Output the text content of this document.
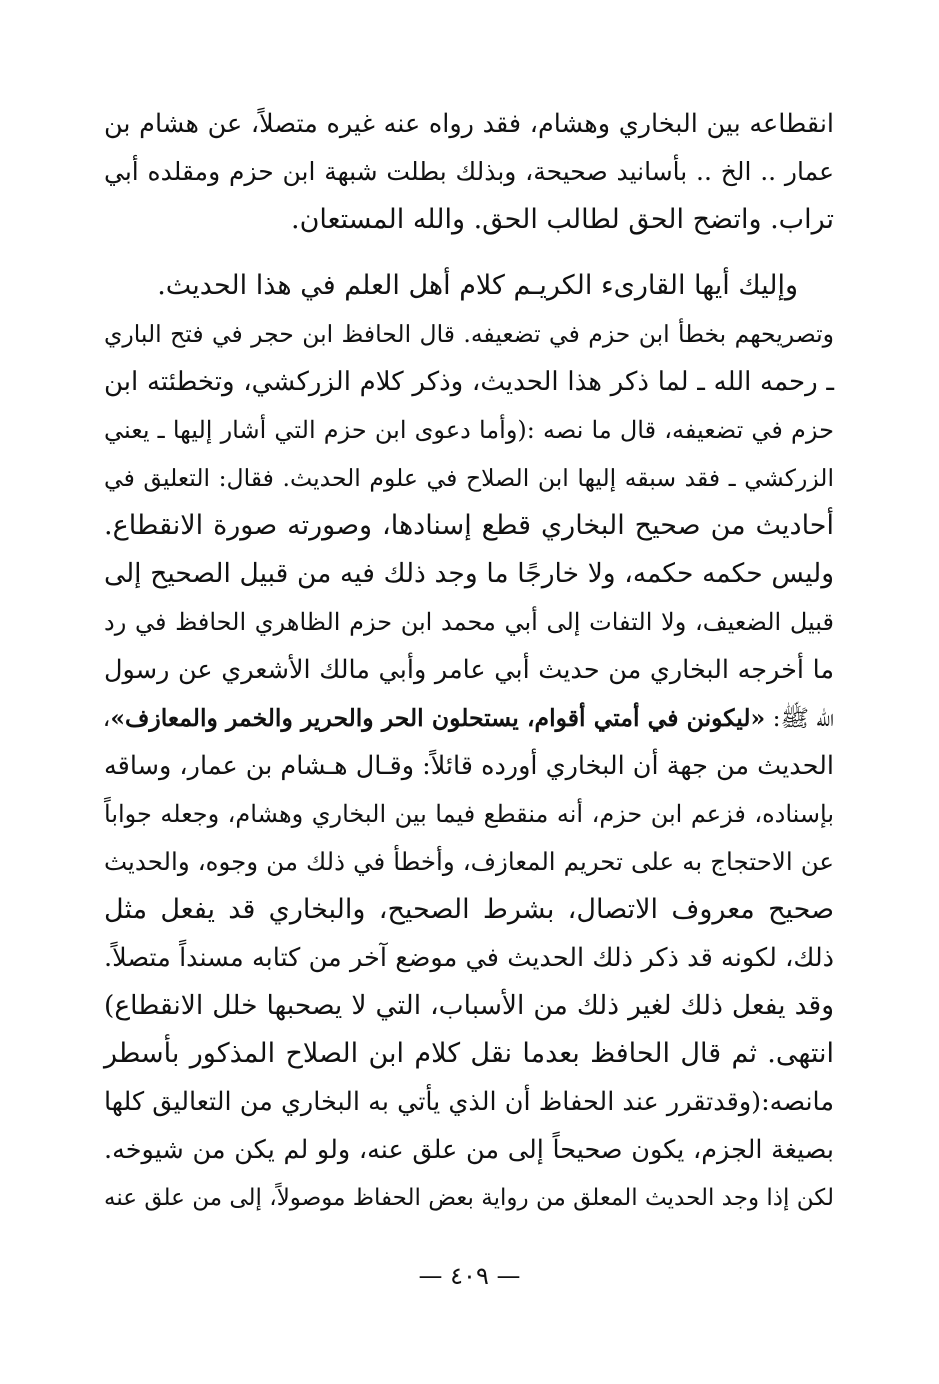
انقطاعه بين البخاري وهشام، فقد رواه عنه غيره متصلاً، عن هشام بن
عمار .. الخ .. بأسانيد صحيحة، وبذلك بطلت شبهة ابن حزم ومقلده أبي
تراب. واتضح الحق لطالب الحق. والله المستعان.
وإليك أيها القارىء الكريـم كلام أهل العلم في هذا الحديث.
وتصريحهم بخطأ ابن حزم في تضعيفه. قال الحافظ ابن حجر في فتح الباري
ـ رحمه الله ـ لما ذكر هذا الحديث، وذكر كلام الزركشي، وتخطئته ابن
حزم في تضعيفه، قال ما نصه :(وأما دعوى ابن حزم التي أشار إليها ـ يعني
الزركشي ـ فقد سبقه إليها ابن الصلاح في علوم الحديث. فقال: التعليق في
أحاديث من صحيح البخاري قطع إسنادها، وصورته صورة الانقطاع.
وليس حكمه حكمه، ولا خارجًا ما وجد ذلك فيه من قبيل الصحيح إلى
قبيل الضعيف، ولا التفات إلى أبي محمد ابن حزم الظاهري الحافظ في رد
ما أخرجه البخاري من حديث أبي عامر وأبي مالك الأشعري عن رسول
الله ﷺ: «ليكونن في أمتي أقوام، يستحلون الحر والحرير والخمر والمعازف»،
الحديث من جهة أن البخاري أورده قائلاً: وقـال هـشام بن عمار، وساقه
بإسناده، فزعم ابن حزم، أنه منقطع فيما بين البخاري وهشام، وجعله جواباً
عن الاحتجاج به على تحريم المعازف، وأخطأ في ذلك من وجوه، والحديث
صحيح معروف الاتصال، بشرط الصحيح، والبخاري قد يفعل مثل
ذلك، لكونه قد ذكر ذلك الحديث في موضع آخر من كتابه مسنداً متصلاً.
وقد يفعل ذلك لغير ذلك من الأسباب، التي لا يصحبها خلل الانقطاع)
انتهى. ثم قال الحافظ بعدما نقل كلام ابن الصلاح المذكور بأسطر
مانصه:(وقدتقرر عند الحفاظ أن الذي يأتي به البخاري من التعاليق كلها
بصيغة الجزم، يكون صحيحاً إلى من علق عنه، ولو لم يكن من شيوخه.
لكن إذا وجد الحديث المعلق من رواية بعض الحفاظ موصولاً، إلى من علق عنه
— ٤٠٩ —
